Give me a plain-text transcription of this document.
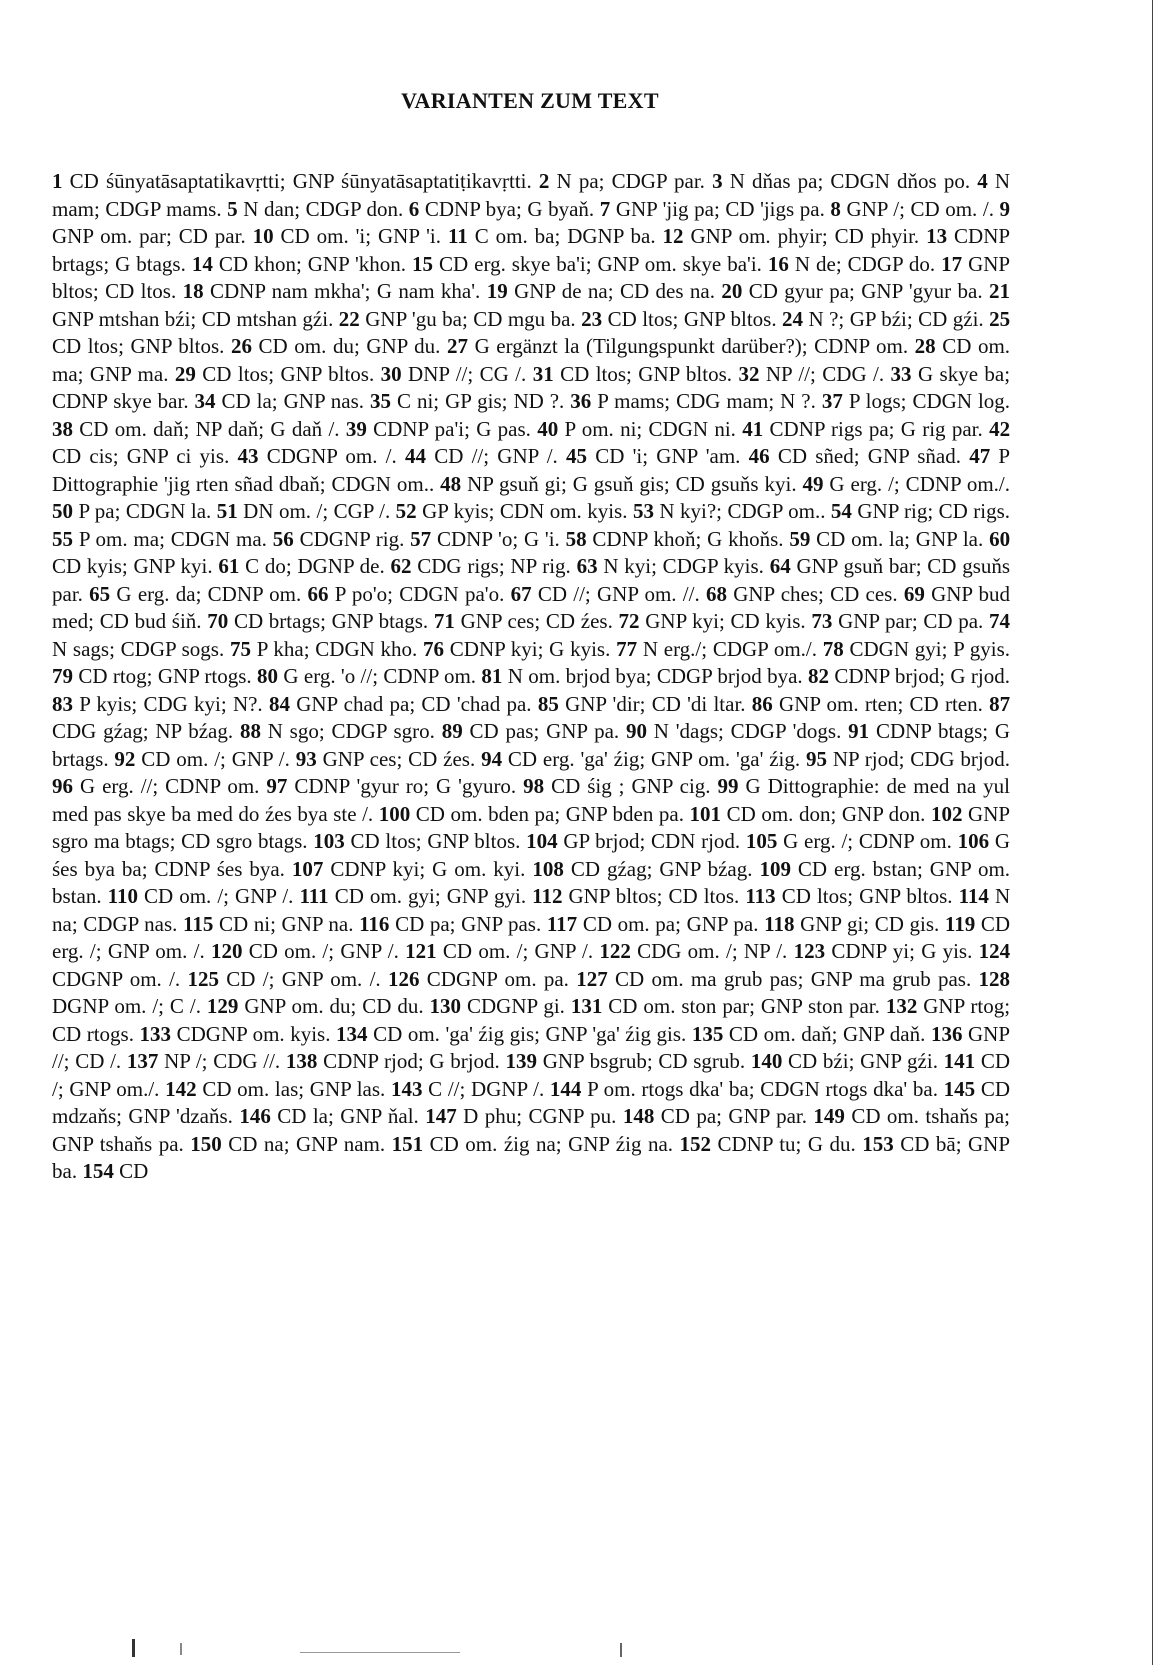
VARIANTEN ZUM TEXT
1 CD śūnyatāsaptatikavṛtti; GNP śūnyatāsaptatiṭikavṛtti. 2 N pa; CDGP par. 3 N dňas pa; CDGN dňos po. 4 N mam; CDGP mams. 5 N dan; CDGP don. 6 CDNP bya; G byaň. 7 GNP 'jig pa; CD 'jigs pa. 8 GNP /; CD om. /. 9 GNP om. par; CD par. 10 CD om. 'i; GNP 'i. 11 C om. ba; DGNP ba. 12 GNP om. phyir; CD phyir. 13 CDNP brtags; G btags. 14 CD khon; GNP 'khon. 15 CD erg. skye ba'i; GNP om. skye ba'i. 16 N de; CDGP do. 17 GNP bltos; CD ltos. 18 CDNP nam mkha'; G nam kha'. 19 GNP de na; CD des na. 20 CD gyur pa; GNP 'gyur ba. 21 GNP mtshan bźi; CD mtshan gźi. 22 GNP 'gu ba; CD mgu ba. 23 CD ltos; GNP bltos. 24 N ?; GP bźi; CD gźi. 25 CD ltos; GNP bltos. 26 CD om. du; GNP du. 27 G ergänzt la (Tilgungspunkt darüber?); CDNP om. 28 CD om. ma; GNP ma. 29 CD ltos; GNP bltos. 30 DNP //; CG /. 31 CD ltos; GNP bltos. 32 NP //; CDG /. 33 G skye ba; CDNP skye bar. 34 CD la; GNP nas. 35 C ni; GP gis; ND ?. 36 P mams; CDG mam; N ?. 37 P logs; CDGN log. 38 CD om. daň; NP daň; G daň /. 39 CDNP pa'i; G pas. 40 P om. ni; CDGN ni. 41 CDNP rigs pa; G rig par. 42 CD cis; GNP ci yis. 43 CDGNP om. /. 44 CD //; GNP /. 45 CD 'i; GNP 'am. 46 CD sñed; GNP sñad. 47 P Dittographie 'jig rten sñad dbaň; CDGN om.. 48 NP gsuň gi; G gsuň gis; CD gsuňs kyi. 49 G erg. /; CDNP om./. 50 P pa; CDGN la. 51 DN om. /; CGP /. 52 GP kyis; CDN om. kyis. 53 N kyi?; CDGP om.. 54 GNP rig; CD rigs. 55 P om. ma; CDGN ma. 56 CDGNP rig. 57 CDNP 'o; G 'i. 58 CDNP khoň; G khoňs. 59 CD om. la; GNP la. 60 CD kyis; GNP kyi. 61 C do; DGNP de. 62 CDG rigs; NP rig. 63 N kyi; CDGP kyis. 64 GNP gsuň bar; CD gsuňs par. 65 G erg. da; CDNP om. 66 P po'o; CDGN pa'o. 67 CD //; GNP om. //. 68 GNP ches; CD ces. 69 GNP bud med; CD bud śiň. 70 CD brtags; GNP btags. 71 GNP ces; CD źes. 72 GNP kyi; CD kyis. 73 GNP par; CD pa. 74 N sags; CDGP sogs. 75 P kha; CDGN kho. 76 CDNP kyi; G kyis. 77 N erg./; CDGP om./. 78 CDGN gyi; P gyis. 79 CD rtog; GNP rtogs. 80 G erg. 'o //; CDNP om. 81 N om. brjod bya; CDGP brjod bya. 82 CDNP brjod; G rjod. 83 P kyis; CDG kyi; N?. 84 GNP chad pa; CD 'chad pa. 85 GNP 'dir; CD 'di ltar. 86 GNP om. rten; CD rten. 87 CDG gźag; NP bźag. 88 N sgo; CDGP sgro. 89 CD pas; GNP pa. 90 N 'dags; CDGP 'dogs. 91 CDNP btags; G brtags. 92 CD om. /; GNP /. 93 GNP ces; CD źes. 94 CD erg. 'ga' źig; GNP om. 'ga' źig. 95 NP rjod; CDG brjod. 96 G erg. //; CDNP om. 97 CDNP 'gyur ro; G 'gyuro. 98 CD śig ; GNP cig. 99 G Dittographie: de med na yul med pas skye ba med do źes bya ste /. 100 CD om. bden pa; GNP bden pa. 101 CD om. don; GNP don. 102 GNP sgro ma btags; CD sgro btags. 103 CD ltos; GNP bltos. 104 GP brjod; CDN rjod. 105 G erg. /; CDNP om. 106 G śes bya ba; CDNP śes bya. 107 CDNP kyi; G om. kyi. 108 CD gźag; GNP bźag. 109 CD erg. bstan; GNP om. bstan. 110 CD om. /; GNP /. 111 CD om. gyi; GNP gyi. 112 GNP bltos; CD ltos. 113 CD ltos; GNP bltos. 114 N na; CDGP nas. 115 CD ni; GNP na. 116 CD pa; GNP pas. 117 CD om. pa; GNP pa. 118 GNP gi; CD gis. 119 CD erg. /; GNP om. /. 120 CD om. /; GNP /. 121 CD om. /; GNP /. 122 CDG om. /; NP /. 123 CDNP yi; G yis. 124 CDGNP om. /. 125 CD /; GNP om. /. 126 CDGNP om. pa. 127 CD om. ma grub pas; GNP ma grub pas. 128 DGNP om. /; C /. 129 GNP om. du; CD du. 130 CDGNP gi. 131 CD om. ston par; GNP ston par. 132 GNP rtog; CD rtogs. 133 CDGNP om. kyis. 134 CD om. 'ga' źig gis; GNP 'ga' źig gis. 135 CD om. daň; GNP daň. 136 GNP //; CD /. 137 NP /; CDG //. 138 CDNP rjod; G brjod. 139 GNP bsgrub; CD sgrub. 140 CD bźi; GNP gźi. 141 CD /; GNP om./. 142 CD om. las; GNP las. 143 C //; DGNP /. 144 P om. rtogs dka' ba; CDGN rtogs dka' ba. 145 CD mdzaňs; GNP 'dzaňs. 146 CD la; GNP ňal. 147 D phu; CGNP pu. 148 CD pa; GNP par. 149 CD om. tshaňs pa; GNP tshaňs pa. 150 CD na; GNP nam. 151 CD om. źig na; GNP źig na. 152 CDNP tu; G du. 153 CD bā; GNP ba. 154 CD
